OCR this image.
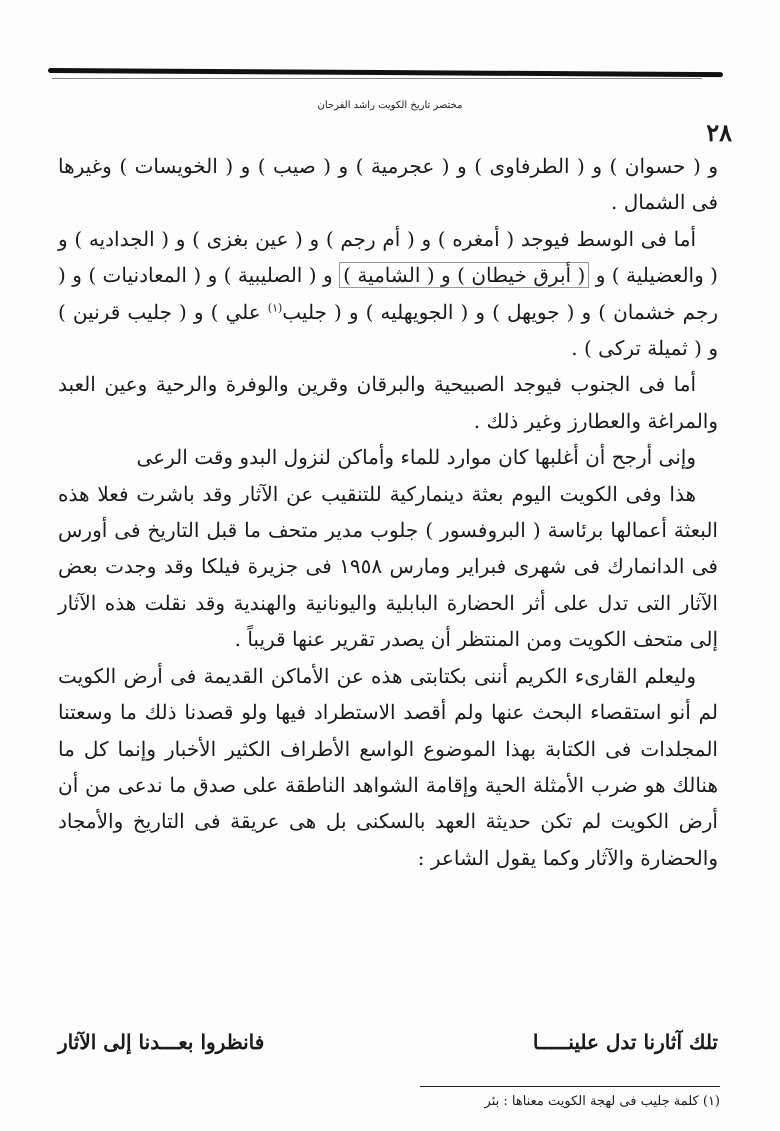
مختصر تاريخ الكويت راشد الفرحان
٢٨

و ( حسوان ) و ( الطرفاوى ) و ( عجرمية ) و ( صيب ) و ( الخويسات ) وغيرها فى الشمال .

أما فى الوسط فيوجد ( أمغره ) و ( أم رجم ) و ( عين بغزى ) و ( الجداديه ) و ( والعضيلية ) و ( أبرق خيطان ) و ( الشامية ) و ( الصليبية ) و ( المعادنيات ) و ( رجم خشمان ) و ( جويهل ) و ( الجويهليه ) و ( جليب$^{(١)}$ علي ) و ( جليب قرنين ) و ( ثميلة تركى ) .

أما فى الجنوب فيوجد الصبيحية والبرقان وقرين والوفرة والرحية وعين العبد والمراغة والعطارز وغير ذلك .

وإنى أرجح أن أغلبها كان موارد للماء وأماكن لنزول البدو وقت الرعى

هذا وفى الكويت اليوم بعثة دينماركية للتنقيب عن الآثار وقد باشرت فعلا هذه البعثة أعمالها برئاسة ( البروفسور ) جلوب مدير متحف ما قبل التاريخ فى أورس فى الدانمارك فى شهرى فبراير ومارس ١٩٥٨ فى جزيرة فيلكا وقد وجدت بعض الآثار التى تدل على أثر الحضارة البابلية واليونانية والهندية وقد نقلت هذه الآثار إلى متحف الكويت ومن المنتظر أن يصدر تقرير عنها قريباً .

وليعلم القارىء الكريم أننى بكتابتى هذه عن الأماكن القديمة فى أرض الكويت لم أنو استقصاء البحث عنها ولم أقصد الاستطراد فيها ولو قصدنا ذلك ما وسعتنا المجلدات فى الكتابة بهذا الموضوع الواسع الأطراف الكثير الأخبار وإنما كل ما هنالك هو ضرب الأمثلة الحية وإقامة الشواهد الناطقة على صدق ما ندعى من أن أرض الكويت لم تكن حديثة العهد بالسكنى بل هى عريقة فى التاريخ والأمجاد والحضارة والآثار وكما يقول الشاعر :

تلك آثارنا تدل علينـــــا
فانظروا بعـــدنا إلى الآثار
(١) كلمة جليب فى لهجة الكويت معناها : بئر
